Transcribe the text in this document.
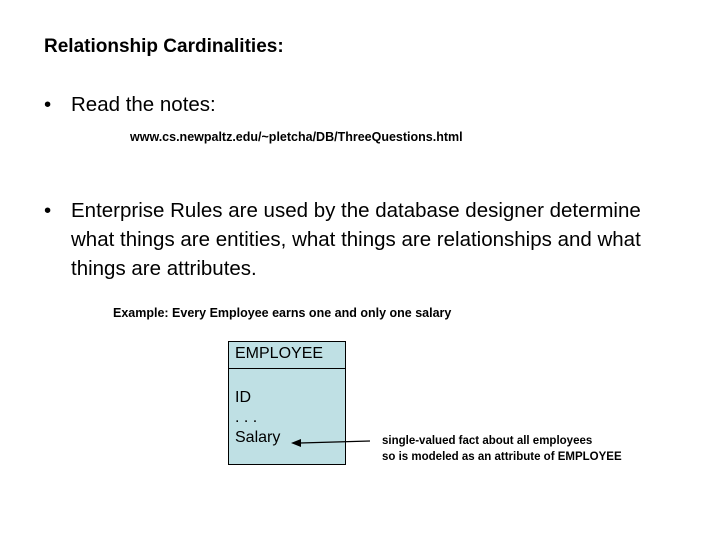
Relationship Cardinalities:
• Read the notes:
www.cs.newpaltz.edu/~pletcha/DB/ThreeQuestions.html
• Enterprise Rules are used by the database designer determine what things are entities, what things are relationships and what things are attributes.
Example: Every Employee earns one and only one salary
EMPLOYEE
ID
. . .
Salary	single-valued fact about all employees
so is modeled as an attribute of EMPLOYEE
